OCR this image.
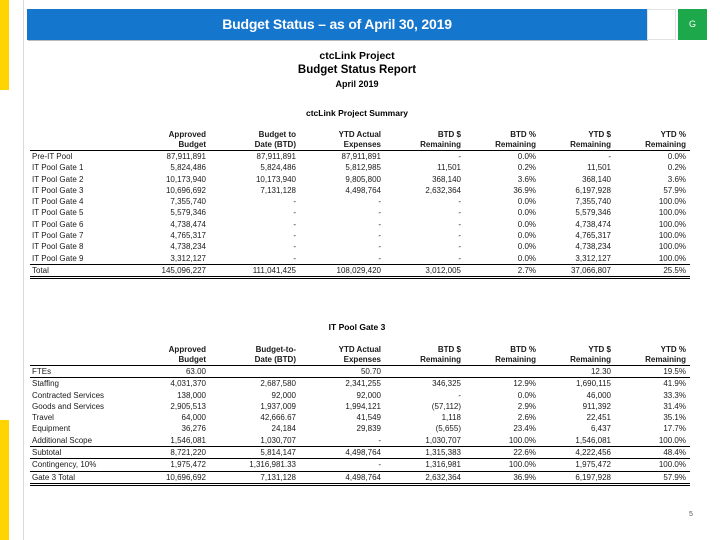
Budget Status – as of April 30, 2019	G
ctcLink Project
Budget Status Report
April 2019
ctcLink Project Summary
IT Pool Gate 3
	Approved	Budget to	YTD Actual	BTD $	BTD %	YTD $	YTD %
	Budget	Date (BTD)	Expenses	Remaining	Remaining	Remaining	Remaining
Pre-IT Pool	87,911,891	87,911,891	87,911,891	-	0.0%	-	0.0%
IT Pool Gate 1	5,824,486	5,824,486	5,812,985	11,501	0.2%	11,501	0.2%
IT Pool Gate 2	10,173,940	10,173,940	9,805,800	368,140	3.6%	368,140	3.6%
IT Pool Gate 3	10,696,692	7,131,128	4,498,764	2,632,364	36.9%	6,197,928	57.9%
IT Pool Gate 4	7,355,740	-	-	-	0.0%	7,355,740	100.0%
IT Pool Gate 5	5,579,346	-	-	-	0.0%	5,579,346	100.0%
IT Pool Gate 6	4,738,474	-	-	-	0.0%	4,738,474	100.0%
IT Pool Gate 7	4,765,317	-	-	-	0.0%	4,765,317	100.0%
IT Pool Gate 8	4,738,234	-	-	-	0.0%	4,738,234	100.0%
IT Pool Gate 9	3,312,127	-	-	-	0.0%	3,312,127	100.0%
Total	145,096,227	111,041,425	108,029,420	3,012,005	2.7%	37,066,807	25.5%
	Approved	Budget-to-	YTD Actual	BTD $	BTD %	YTD $	YTD %
	Budget	Date (BTD)	Expenses	Remaining	Remaining	Remaining	Remaining
FTEs	63.00		50.70			12.30	19.5%
Staffing	4,031,370	2,687,580	2,341,255	346,325	12.9%	1,690,115	41.9%
Contracted Services	138,000	92,000	92,000	-	0.0%	46,000	33.3%
Goods and Services	2,905,513	1,937,009	1,994,121	(57,112)	2.9%	911,392	31.4%
Travel	64,000	42,666.67	41,549	1,118	2.6%	22,451	35.1%
Equipment	36,276	24,184	29,839	(5,655)	23.4%	6,437	17.7%
Additional Scope	1,546,081	1,030,707	-	1,030,707	100.0%	1,546,081	100.0%
Subtotal	8,721,220	5,814,147	4,498,764	1,315,383	22.6%	4,222,456	48.4%
Contingency, 10%	1,975,472	1,316,981.33	-	1,316,981	100.0%	1,975,472	100.0%
Gate 3 Total	10,696,692	7,131,128	4,498,764	2,632,364	36.9%	6,197,928	57.9%
5
